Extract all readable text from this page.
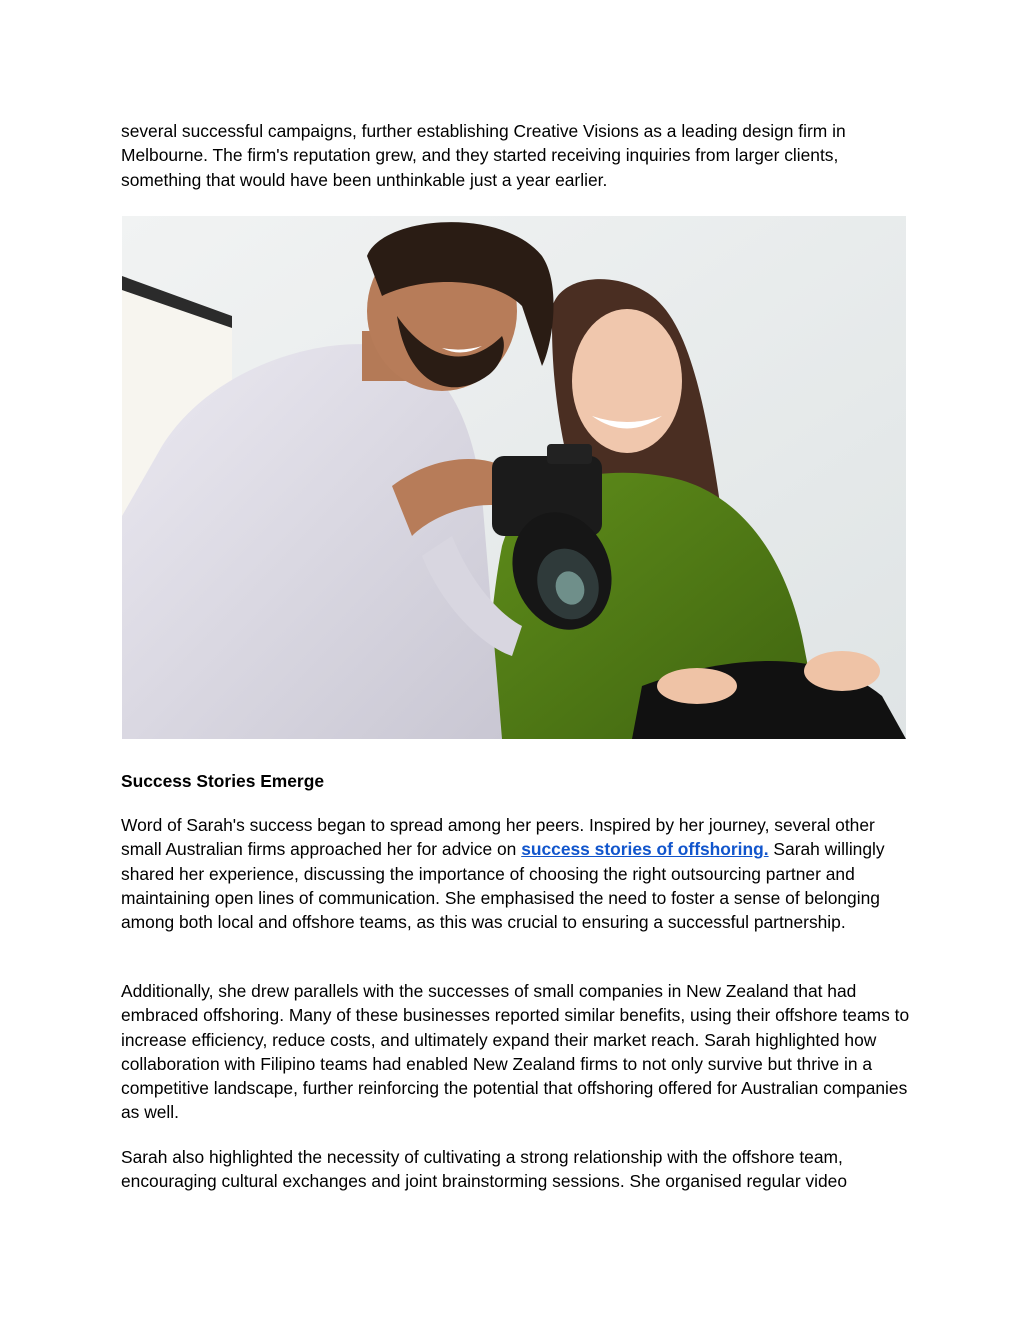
several successful campaigns, further establishing Creative Visions as a leading design firm in Melbourne. The firm's reputation grew, and they started receiving inquiries from larger clients, something that would have been unthinkable just a year earlier.

Success Stories Emerge

Word of Sarah's success began to spread among her peers. Inspired by her journey, several other small Australian firms approached her for advice on success stories of offshoring. Sarah willingly shared her experience, discussing the importance of choosing the right outsourcing partner and maintaining open lines of communication. She emphasised the need to foster a sense of belonging among both local and offshore teams, as this was crucial to ensuring a successful partnership.

Additionally, she drew parallels with the successes of small companies in New Zealand that had embraced offshoring. Many of these businesses reported similar benefits, using their offshore teams to increase efficiency, reduce costs, and ultimately expand their market reach. Sarah highlighted how collaboration with Filipino teams had enabled New Zealand firms to not only survive but thrive in a competitive landscape, further reinforcing the potential that offshoring offered for Australian companies as well.

Sarah also highlighted the necessity of cultivating a strong relationship with the offshore team, encouraging cultural exchanges and joint brainstorming sessions. She organised regular video
